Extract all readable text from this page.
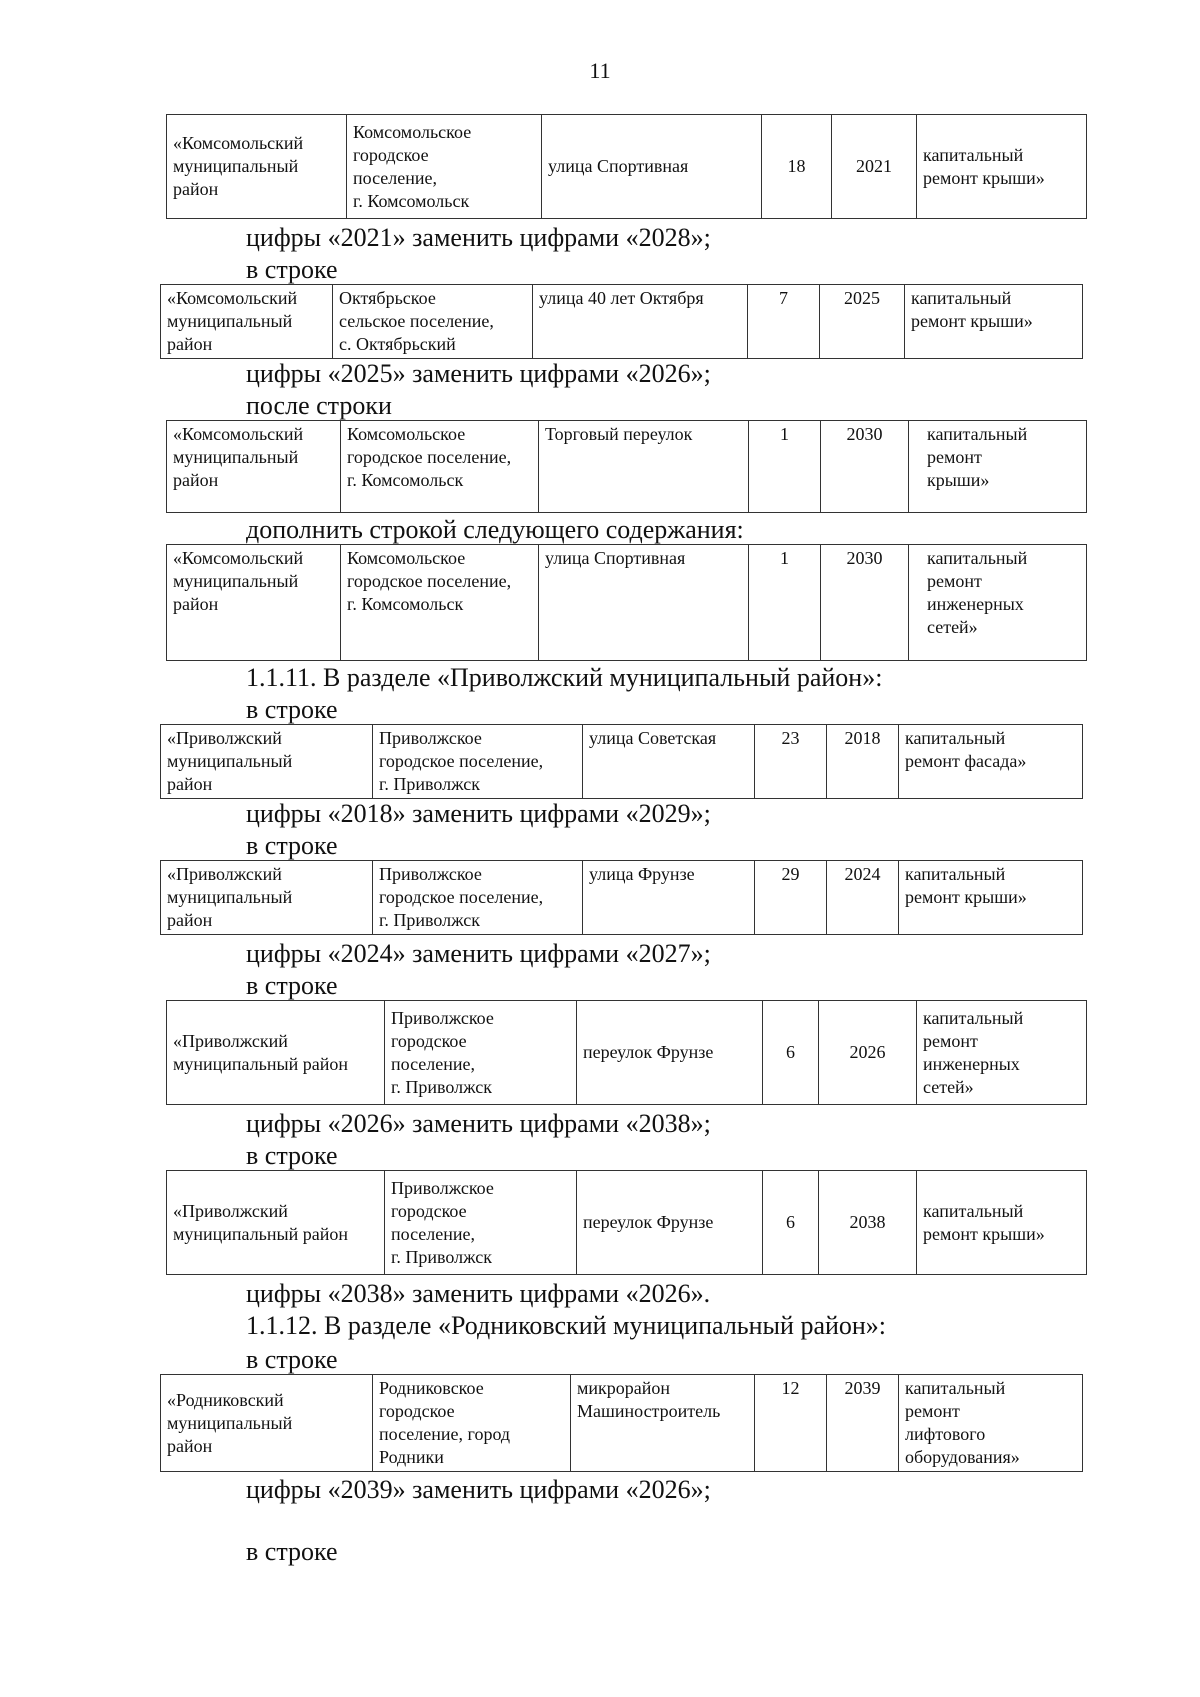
11
«Комсомольский
муниципальный
район	Комсомольское
городское
поселение,
г. Комсомольск	улица Спортивная	18	2021	капитальный
ремонт крыши»
цифры «2021» заменить цифрами «2028»;
в строке
«Комсомольский
муниципальный
район	Октябрьское
сельское поселение,
с. Октябрьский	улица 40 лет Октября	7	2025	капитальный
ремонт крыши»
цифры «2025» заменить цифрами «2026»;
после строки
«Комсомольский
муниципальный
район	Комсомольское
городское поселение,
г. Комсомольск	Торговый переулок	1	2030	капитальный
ремонт
крыши»
дополнить строкой следующего содержания:
«Комсомольский
муниципальный
район	Комсомольское
городское поселение,
г. Комсомольск	улица Спортивная	1	2030	капитальный
ремонт
инженерных
сетей»
1.1.11. В разделе «Приволжский муниципальный район»:
в строке
«Приволжский
муниципальный
район	Приволжское
городское поселение,
г. Приволжск	улица Советская	23	2018	капитальный
ремонт фасада»
цифры «2018» заменить цифрами «2029»;
в строке
«Приволжский
муниципальный
район	Приволжское
городское поселение,
г. Приволжск	улица Фрунзе	29	2024	капитальный
ремонт крыши»
цифры «2024» заменить цифрами «2027»;
в строке
«Приволжский
муниципальный район	Приволжское
городское
поселение,
г. Приволжск	переулок Фрунзе	6	2026	капитальный
ремонт
инженерных
сетей»
цифры «2026» заменить цифрами «2038»;
в строке
«Приволжский
муниципальный район	Приволжское
городское
поселение,
г. Приволжск	переулок Фрунзе	6	2038	капитальный
ремонт крыши»
цифры «2038» заменить цифрами «2026».
1.1.12. В разделе «Родниковский муниципальный район»:
в строке
«Родниковский
муниципальный
район	Родниковское
городское
поселение, город
Родники	микрорайон
Машиностроитель	12	2039	капитальный
ремонт
лифтового
оборудования»
цифры «2039» заменить цифрами «2026»;
в строке
